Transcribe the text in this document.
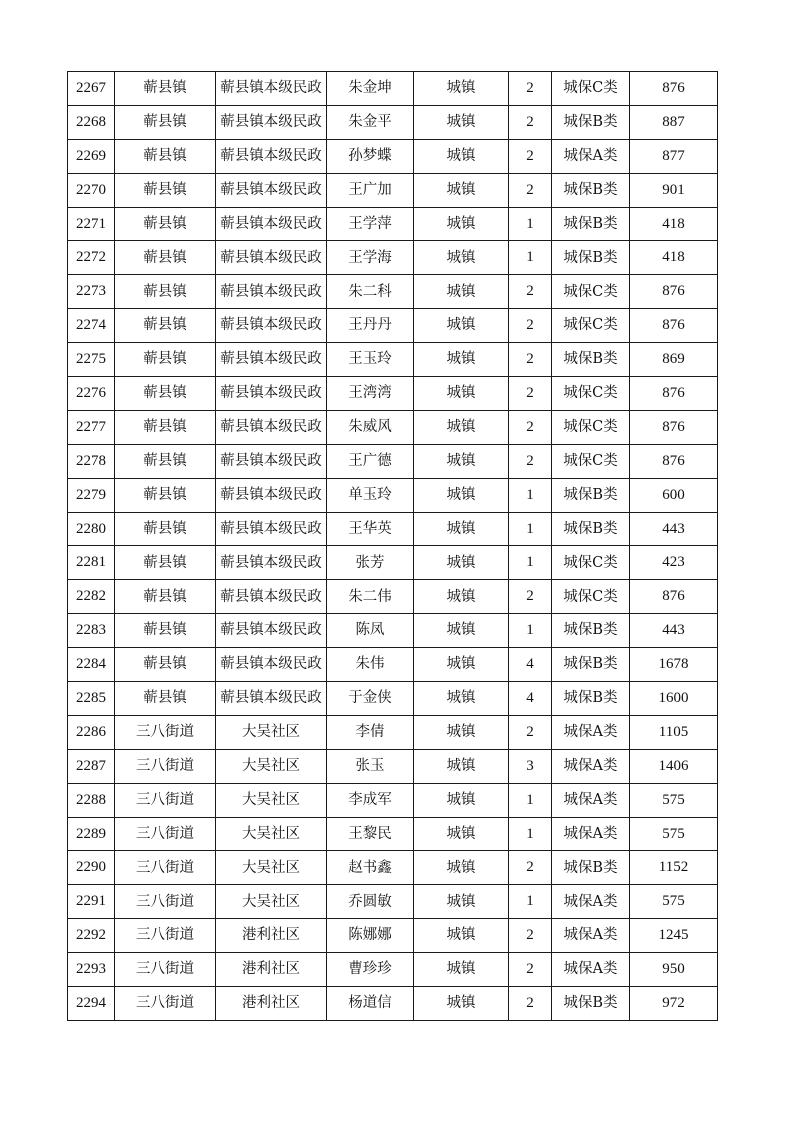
2267	蕲县镇	蕲县镇本级民政	朱金坤	城镇	2	城保C类	876
2268	蕲县镇	蕲县镇本级民政	朱金平	城镇	2	城保B类	887
2269	蕲县镇	蕲县镇本级民政	孙梦蝶	城镇	2	城保A类	877
2270	蕲县镇	蕲县镇本级民政	王广加	城镇	2	城保B类	901
2271	蕲县镇	蕲县镇本级民政	王学萍	城镇	1	城保B类	418
2272	蕲县镇	蕲县镇本级民政	王学海	城镇	1	城保B类	418
2273	蕲县镇	蕲县镇本级民政	朱二科	城镇	2	城保C类	876
2274	蕲县镇	蕲县镇本级民政	王丹丹	城镇	2	城保C类	876
2275	蕲县镇	蕲县镇本级民政	王玉玲	城镇	2	城保B类	869
2276	蕲县镇	蕲县镇本级民政	王湾湾	城镇	2	城保C类	876
2277	蕲县镇	蕲县镇本级民政	朱威风	城镇	2	城保C类	876
2278	蕲县镇	蕲县镇本级民政	王广德	城镇	2	城保C类	876
2279	蕲县镇	蕲县镇本级民政	单玉玲	城镇	1	城保B类	600
2280	蕲县镇	蕲县镇本级民政	王华英	城镇	1	城保B类	443
2281	蕲县镇	蕲县镇本级民政	张芳	城镇	1	城保C类	423
2282	蕲县镇	蕲县镇本级民政	朱二伟	城镇	2	城保C类	876
2283	蕲县镇	蕲县镇本级民政	陈凤	城镇	1	城保B类	443
2284	蕲县镇	蕲县镇本级民政	朱伟	城镇	4	城保B类	1678
2285	蕲县镇	蕲县镇本级民政	于金侠	城镇	4	城保B类	1600
2286	三八街道	大吴社区	李倩	城镇	2	城保A类	1105
2287	三八街道	大吴社区	张玉	城镇	3	城保A类	1406
2288	三八街道	大吴社区	李成军	城镇	1	城保A类	575
2289	三八街道	大吴社区	王黎民	城镇	1	城保A类	575
2290	三八街道	大吴社区	赵书鑫	城镇	2	城保B类	1152
2291	三八街道	大吴社区	乔圆敏	城镇	1	城保A类	575
2292	三八街道	港利社区	陈娜娜	城镇	2	城保A类	1245
2293	三八街道	港利社区	曹珍珍	城镇	2	城保A类	950
2294	三八街道	港利社区	杨道信	城镇	2	城保B类	972
